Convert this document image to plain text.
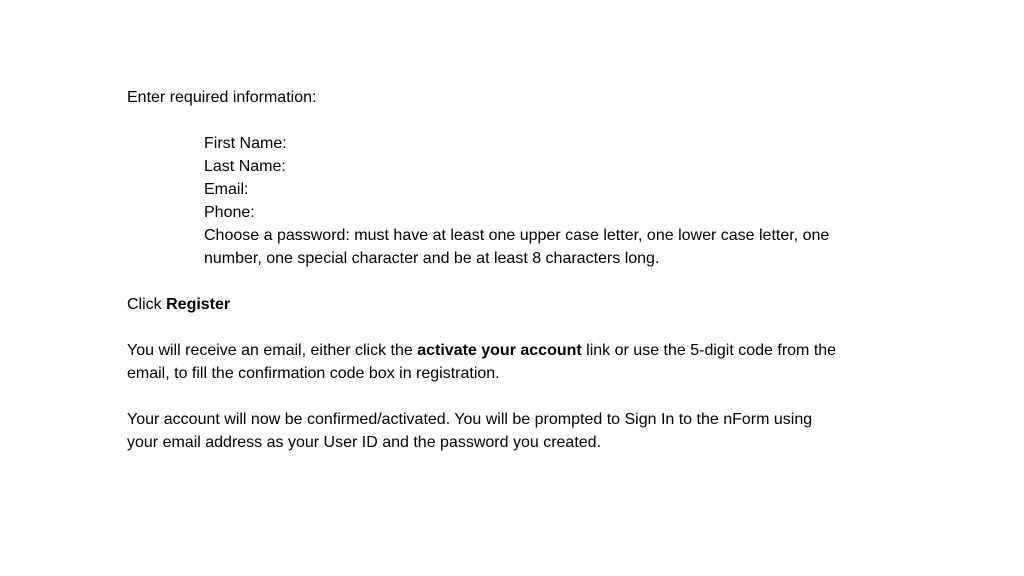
Enter required information:

First Name:

Last Name:

Email:

Phone:

Choose a password: must have at least one upper case letter, one lower case letter, one

number, one special character and be at least 8 characters long.

Click Register

You will receive an email, either click the activate your account link or use the 5-digit code from the

email, to fill the confirmation code box in registration.

Your account will now be confirmed/activated. You will be prompted to Sign In to the nForm using

your email address as your User ID and the password you created.
